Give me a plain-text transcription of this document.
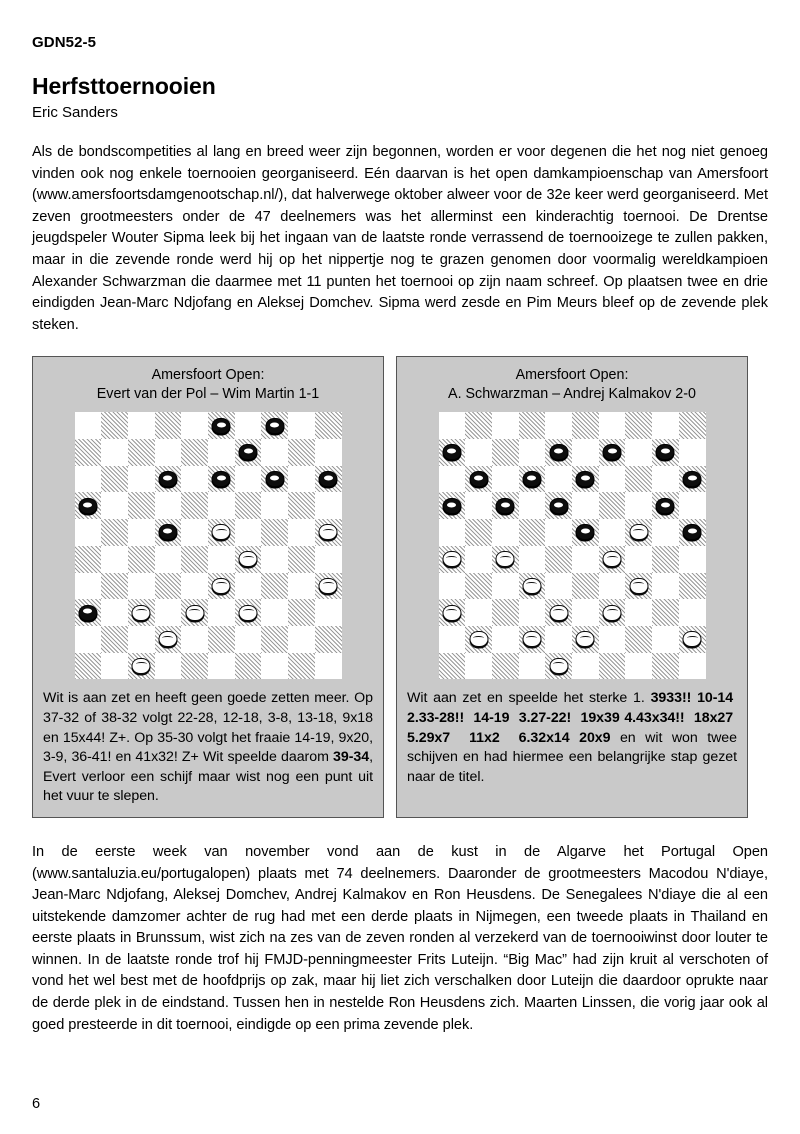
GDN52-5
Herfsttoernooien
Eric Sanders

Als de bondscompetities al lang en breed weer zijn begonnen, worden er voor degenen die het nog niet genoeg vinden ook nog enkele toernooien georganiseerd. Eén daarvan is het open damkampioenschap van Amersfoort (www.amersfoortsdamgenootschap.nl/), dat halverwege oktober alweer voor de 32e keer werd georganiseerd. Met zeven grootmeesters onder de 47 deelnemers was het allerminst een kinderachtig toernooi. De Drentse jeugdspeler Wouter Sipma leek bij het ingaan van de laatste ronde verrassend de toernooizege te zullen pakken, maar in die zevende ronde werd hij op het nippertje nog te grazen genomen door voormalig wereldkampioen Alexander Schwarzman die daarmee met 11 punten het toernooi op zijn naam schreef. Op plaatsen twee en drie eindigden Jean-Marc Ndjofang en Aleksej Domchev. Sipma werd zesde en Pim Meurs bleef op de zevende plek steken.

Amersfoort Open:
Evert van der Pol – Wim Martin 1-1
Wit is aan zet en heeft geen goede zetten meer. Op 37-32 of 38-32 volgt 22-28, 12-18, 3-8, 13-18, 9x18 en 15x44! Z+. Op 35-30 volgt het fraaie 14-19, 9x20, 3-9, 36-41! en 41x32! Z+ Wit speelde daarom 39-34, Evert verloor een schijf maar wist nog een punt uit het vuur te slepen.
Amersfoort Open:
A. Schwarzman – Andrej Kalmakov 2-0
Wit aan zet en speelde het sterke 1. 3933!! 10-14  2.33-28!!  14-19  3.27-22!  19x39 4.43x34!!  18x27  5.29x7  11x2  6.32x14 20x9 en wit won twee schijven en had hiermee een belangrijke stap gezet naar de titel.

In de eerste week van november vond aan de kust in de Algarve het Portugal Open (www.santaluzia.eu/portugalopen) plaats met 74 deelnemers. Daaronder de grootmeesters Macodou N'diaye, Jean-Marc Ndjofang, Aleksej Domchev, Andrej Kalmakov en Ron Heusdens. De Senegalees N'diaye die al een uitstekende damzomer achter de rug had met een derde plaats in Nijmegen, een tweede plaats in Thailand en eerste plaats in Brunssum, wist zich na zes van de zeven ronden al verzekerd van de toernooiwinst door louter te winnen. In de laatste ronde trof hij FMJD-penningmeester Frits Luteijn. “Big Mac” had zijn kruit al verschoten of vond het wel best met de hoofdprijs op zak, maar hij liet zich verschalken door Luteijn die daardoor oprukte naar de derde plek in de eindstand. Tussen hen in nestelde Ron Heusdens zich. Maarten Linssen, die vorig jaar ook al goed presteerde in dit toernooi, eindigde op een prima zevende plek.

6
